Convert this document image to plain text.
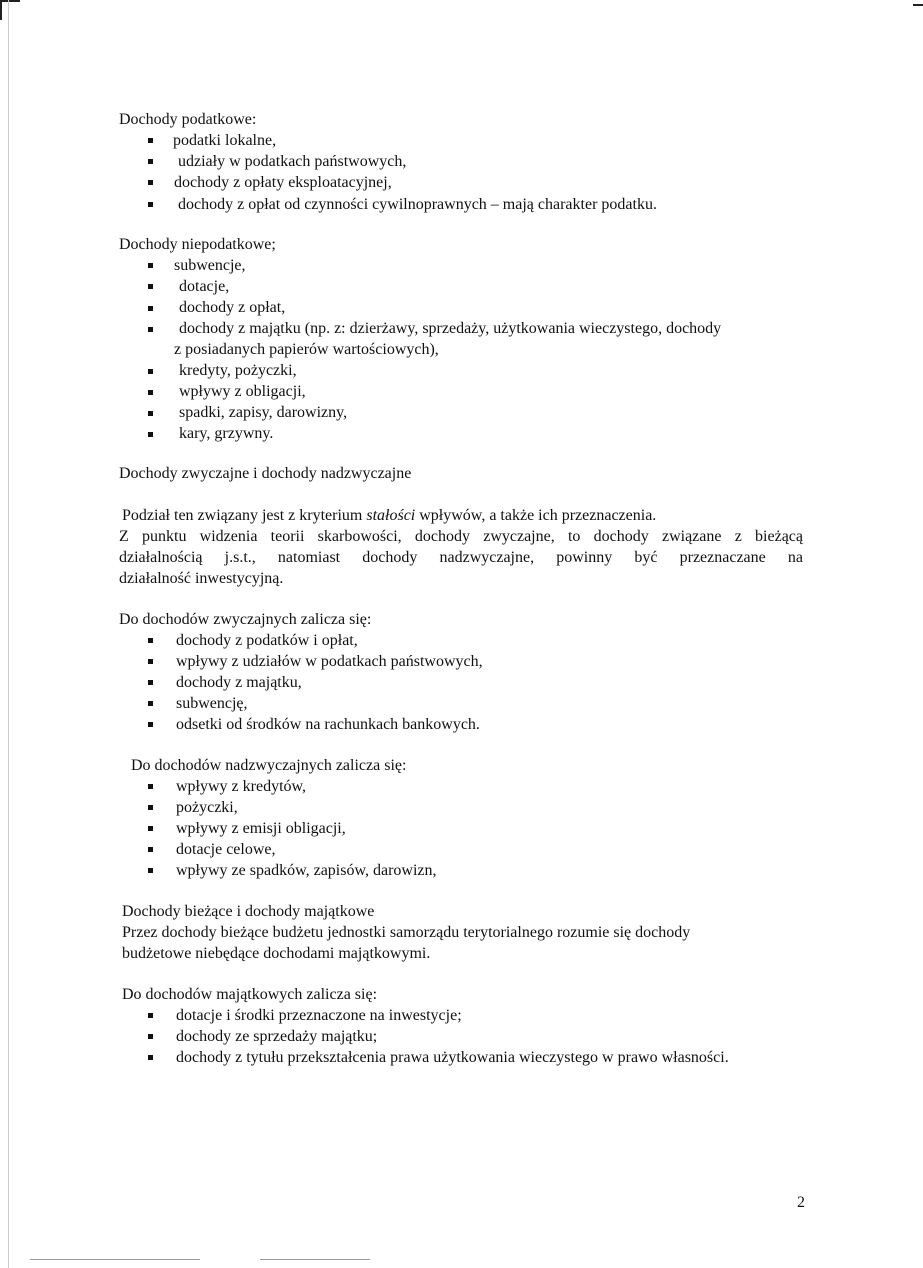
Dochody podatkowe:
podatki lokalne,
udziały w podatkach państwowych,
dochody z opłaty eksploatacyjnej,
dochody z opłat od czynności cywilnoprawnych – mają charakter podatku.
Dochody niepodatkowe;
subwencje,
dotacje,
dochody z opłat,
dochody z majątku (np. z: dzierżawy, sprzedaży, użytkowania wieczystego, dochody
z posiadanych papierów wartościowych),
kredyty, pożyczki,
wpływy z obligacji,
spadki, zapisy, darowizny,
kary, grzywny.
Dochody zwyczajne i dochody nadzwyczajne
Podział ten związany jest z kryterium stałości wpływów, a także ich przeznaczenia.
Z punktu widzenia teorii skarbowości, dochody zwyczajne, to dochody związane z bieżącą
działalnością j.s.t., natomiast dochody nadzwyczajne, powinny być przeznaczane na
działalność inwestycyjną.
Do dochodów zwyczajnych zalicza się:
dochody z podatków i opłat,
wpływy z udziałów w podatkach państwowych,
dochody z majątku,
subwencję,
odsetki od środków na rachunkach bankowych.
Do dochodów nadzwyczajnych zalicza się:
wpływy z kredytów,
pożyczki,
wpływy z emisji obligacji,
dotacje celowe,
wpływy ze spadków, zapisów, darowizn,
Dochody bieżące i dochody majątkowe
Przez dochody bieżące budżetu jednostki samorządu terytorialnego rozumie się dochody
budżetowe niebędące dochodami majątkowymi.
Do dochodów majątkowych zalicza się:
dotacje i środki przeznaczone na inwestycje;
dochody ze sprzedaży majątku;
dochody z tytułu przekształcenia prawa użytkowania wieczystego w prawo własności.
2
